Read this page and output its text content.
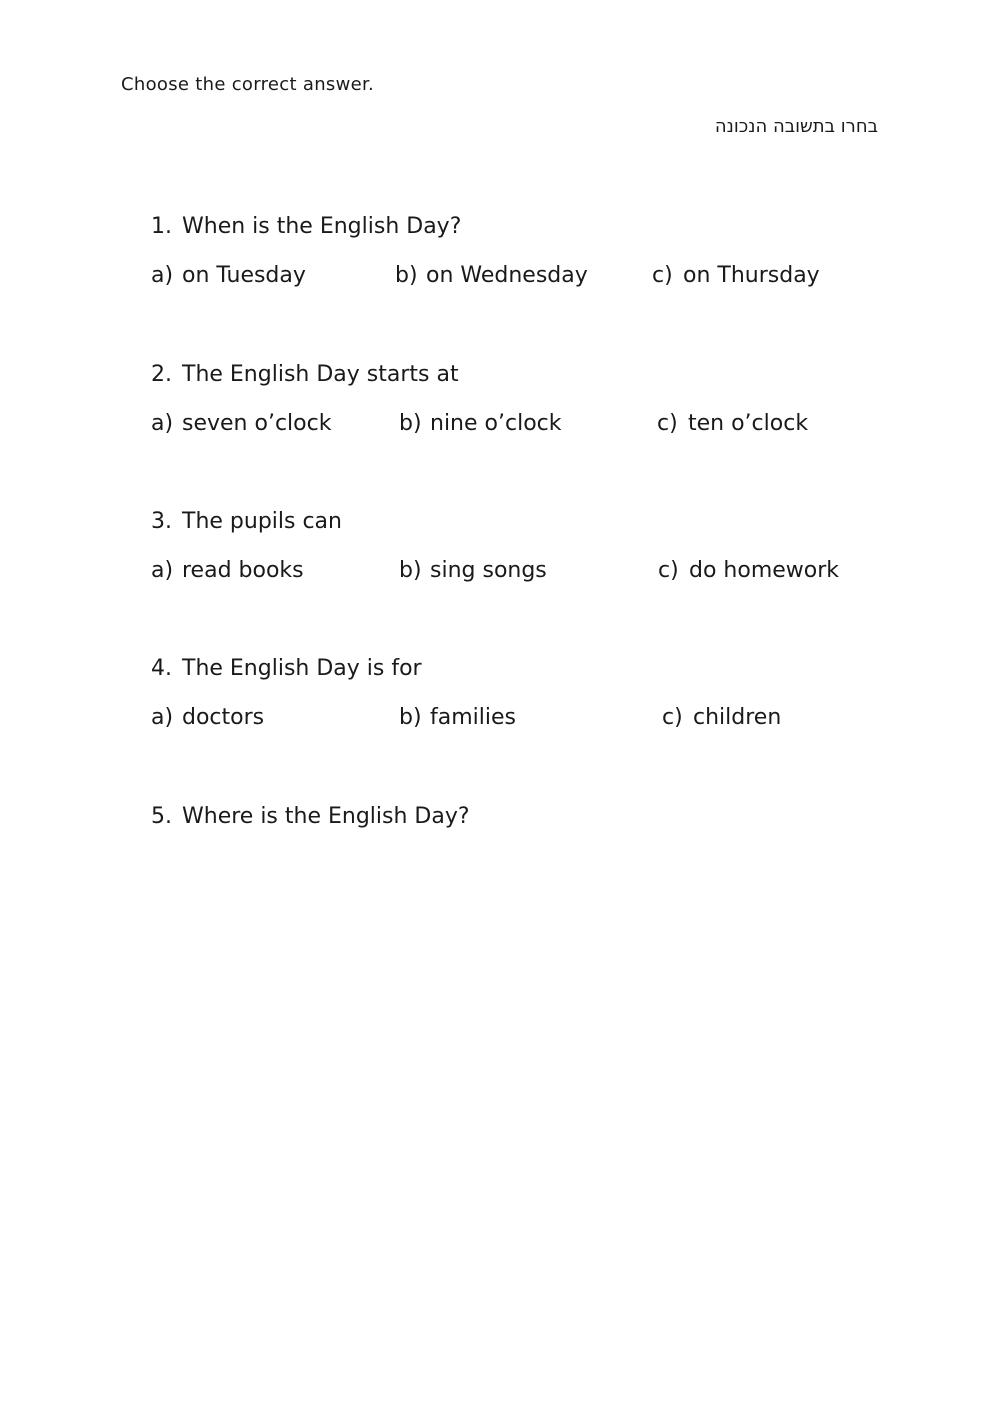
Choose the correct answer.
בחרו בתשובה הנכונה
1. When is the English Day?
a) on Tuesday	b) on Wednesday	c) on Thursday
2. The English Day starts at
a) seven o’clock	b) nine o’clock	c) ten o’clock
3. The pupils can
a) read books	b) sing songs	c) do homework
4. The English Day is for
a) doctors	b) families	c) children
5. Where is the English Day?
